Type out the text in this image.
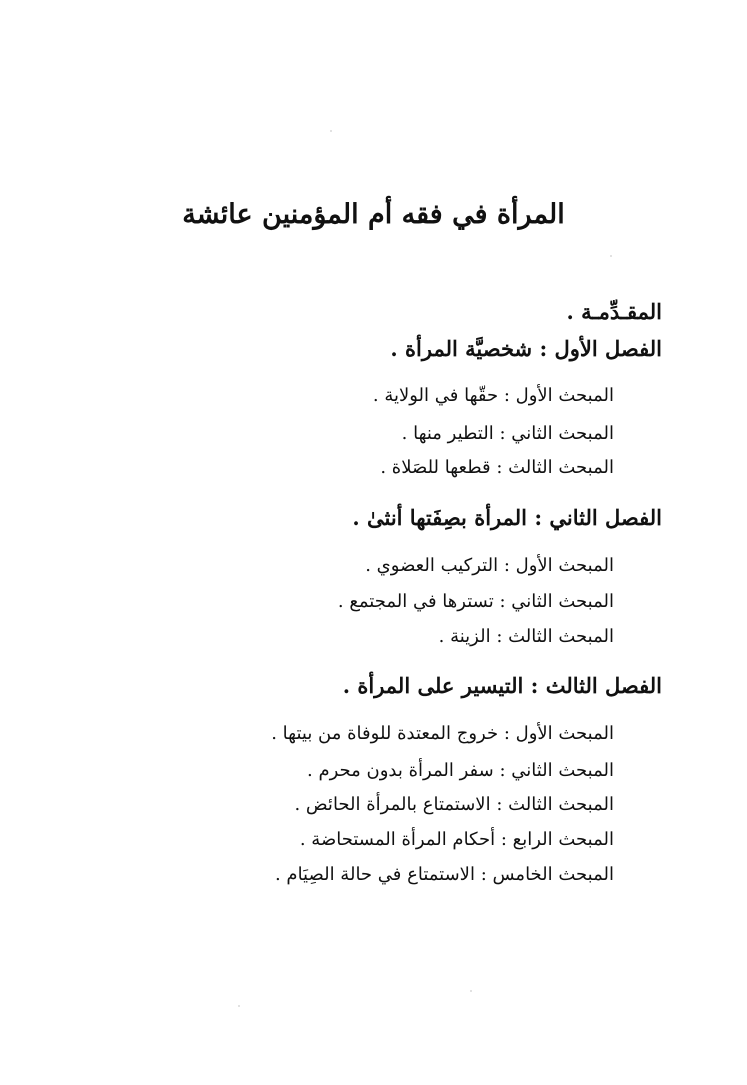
المرأة في فقه أم المؤمنين عائشة
المقـدِّمـة .
الفصل الأول : شخصيَّة المرأة .
المبحث الأول : حقّها في الولاية .
المبحث الثاني : التطير منها .
المبحث الثالث : قطعها للصَلاة .
الفصل الثاني : المرأة بصِفَتها أنثىٰ .
المبحث الأول : التركيب العضوي .
المبحث الثاني : تسترها في المجتمع .
المبحث الثالث : الزينة .
الفصل الثالث : التيسير على المرأة .
المبحث الأول : خروج المعتدة للوفاة من بيتها .
المبحث الثاني : سفر المرأة بدون محرم .
المبحث الثالث : الاستمتاع بالمرأة الحائض .
المبحث الرابع : أحكام المرأة المستحاضة .
المبحث الخامس : الاستمتاع في حالة الصِيَام .
